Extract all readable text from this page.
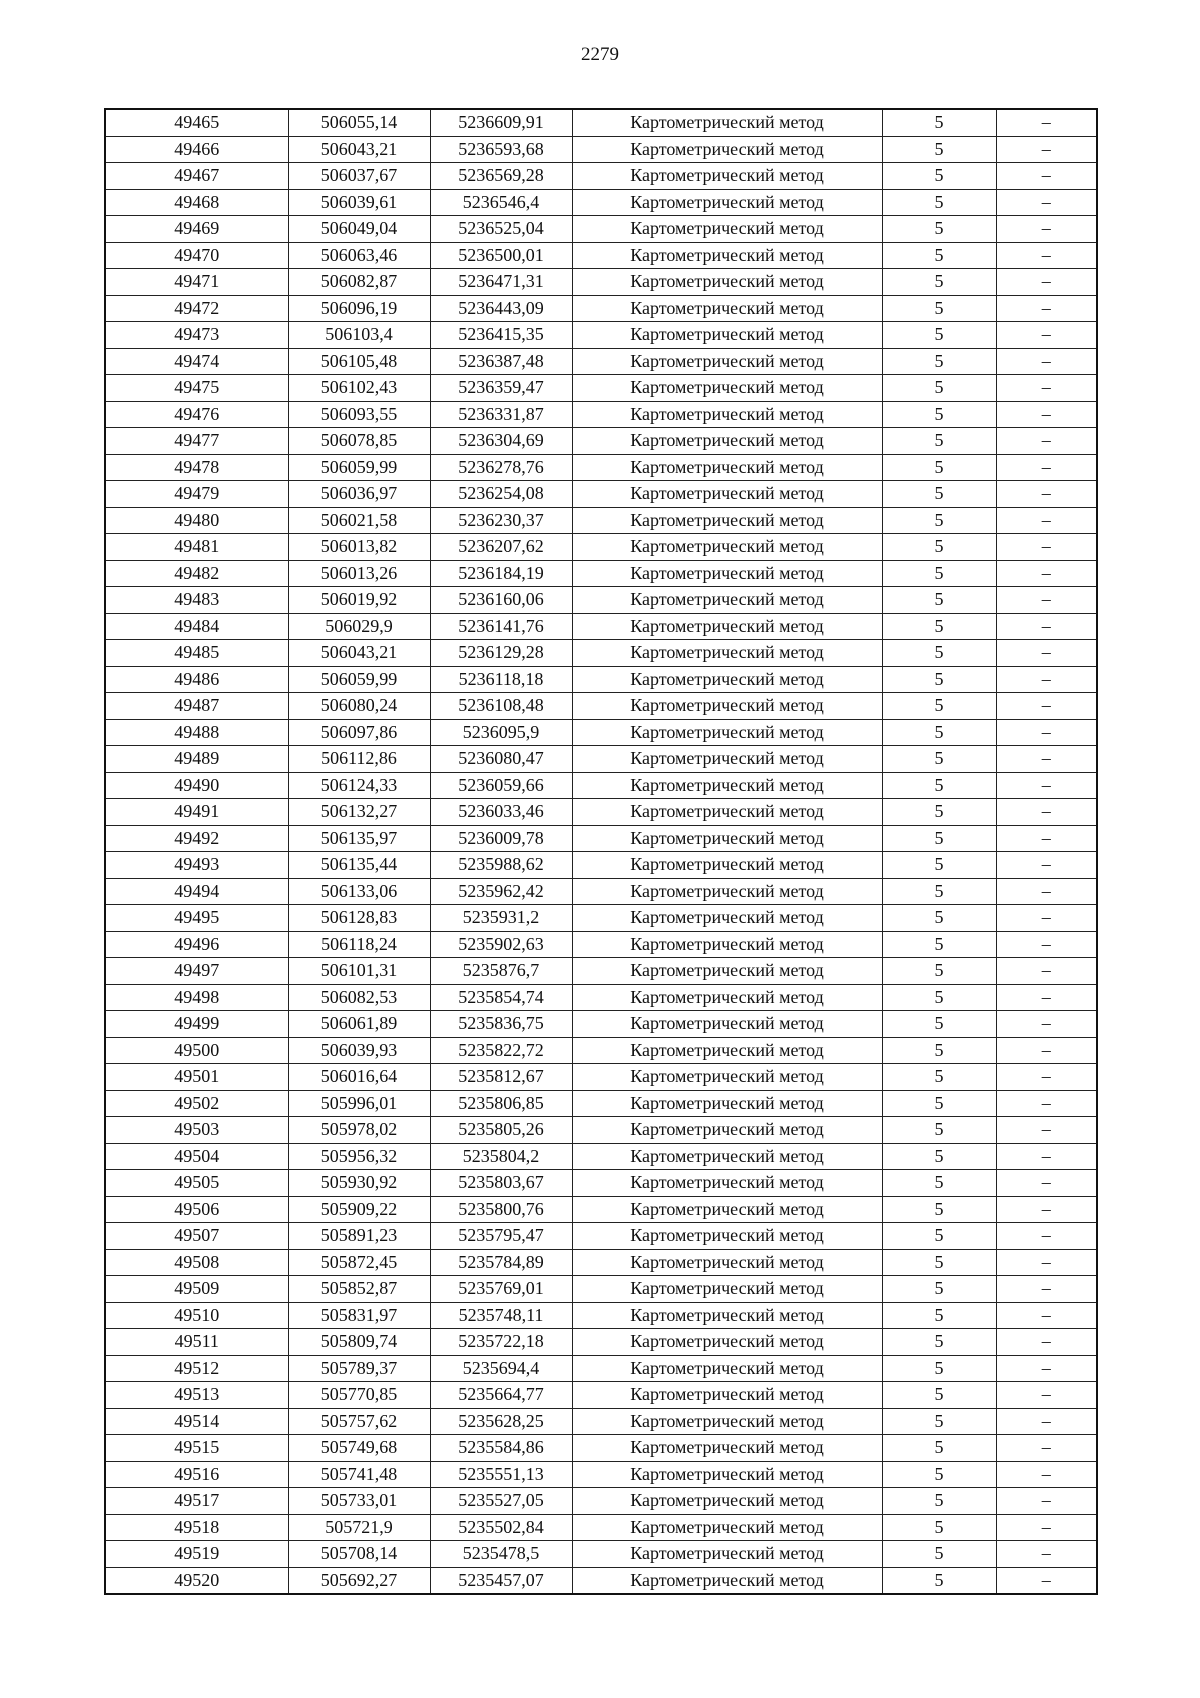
2279
49465	506055,14	5236609,91	Картометрический метод	5	–
49466	506043,21	5236593,68	Картометрический метод	5	–
49467	506037,67	5236569,28	Картометрический метод	5	–
49468	506039,61	5236546,4	Картометрический метод	5	–
49469	506049,04	5236525,04	Картометрический метод	5	–
49470	506063,46	5236500,01	Картометрический метод	5	–
49471	506082,87	5236471,31	Картометрический метод	5	–
49472	506096,19	5236443,09	Картометрический метод	5	–
49473	506103,4	5236415,35	Картометрический метод	5	–
49474	506105,48	5236387,48	Картометрический метод	5	–
49475	506102,43	5236359,47	Картометрический метод	5	–
49476	506093,55	5236331,87	Картометрический метод	5	–
49477	506078,85	5236304,69	Картометрический метод	5	–
49478	506059,99	5236278,76	Картометрический метод	5	–
49479	506036,97	5236254,08	Картометрический метод	5	–
49480	506021,58	5236230,37	Картометрический метод	5	–
49481	506013,82	5236207,62	Картометрический метод	5	–
49482	506013,26	5236184,19	Картометрический метод	5	–
49483	506019,92	5236160,06	Картометрический метод	5	–
49484	506029,9	5236141,76	Картометрический метод	5	–
49485	506043,21	5236129,28	Картометрический метод	5	–
49486	506059,99	5236118,18	Картометрический метод	5	–
49487	506080,24	5236108,48	Картометрический метод	5	–
49488	506097,86	5236095,9	Картометрический метод	5	–
49489	506112,86	5236080,47	Картометрический метод	5	–
49490	506124,33	5236059,66	Картометрический метод	5	–
49491	506132,27	5236033,46	Картометрический метод	5	–
49492	506135,97	5236009,78	Картометрический метод	5	–
49493	506135,44	5235988,62	Картометрический метод	5	–
49494	506133,06	5235962,42	Картометрический метод	5	–
49495	506128,83	5235931,2	Картометрический метод	5	–
49496	506118,24	5235902,63	Картометрический метод	5	–
49497	506101,31	5235876,7	Картометрический метод	5	–
49498	506082,53	5235854,74	Картометрический метод	5	–
49499	506061,89	5235836,75	Картометрический метод	5	–
49500	506039,93	5235822,72	Картометрический метод	5	–
49501	506016,64	5235812,67	Картометрический метод	5	–
49502	505996,01	5235806,85	Картометрический метод	5	–
49503	505978,02	5235805,26	Картометрический метод	5	–
49504	505956,32	5235804,2	Картометрический метод	5	–
49505	505930,92	5235803,67	Картометрический метод	5	–
49506	505909,22	5235800,76	Картометрический метод	5	–
49507	505891,23	5235795,47	Картометрический метод	5	–
49508	505872,45	5235784,89	Картометрический метод	5	–
49509	505852,87	5235769,01	Картометрический метод	5	–
49510	505831,97	5235748,11	Картометрический метод	5	–
49511	505809,74	5235722,18	Картометрический метод	5	–
49512	505789,37	5235694,4	Картометрический метод	5	–
49513	505770,85	5235664,77	Картометрический метод	5	–
49514	505757,62	5235628,25	Картометрический метод	5	–
49515	505749,68	5235584,86	Картометрический метод	5	–
49516	505741,48	5235551,13	Картометрический метод	5	–
49517	505733,01	5235527,05	Картометрический метод	5	–
49518	505721,9	5235502,84	Картометрический метод	5	–
49519	505708,14	5235478,5	Картометрический метод	5	–
49520	505692,27	5235457,07	Картометрический метод	5	–
